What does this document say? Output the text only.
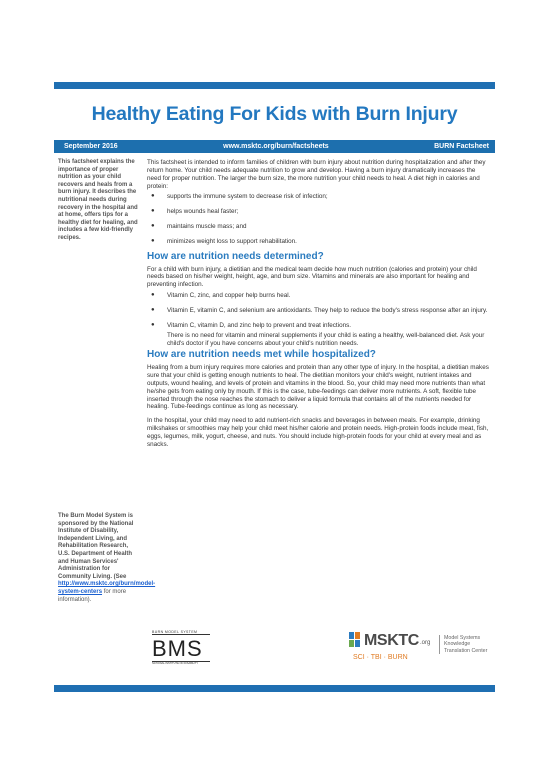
Healthy Eating For Kids with Burn Injury
September 2016	www.msktc.org/burn/factsheets	BURN Factsheet
This factsheet explains the importance of proper nutrition as your child recovers and heals from a burn injury. It describes the nutritional needs during recovery in the hospital and at home, offers tips for a healthy diet for healing, and includes a few kid-friendly recipes.
The Burn Model System is sponsored by the National Institute of Disability, Independent Living, and Rehabilitation Research, U.S. Department of Health and Human Services' Administration for Community Living. (See http://www.msktc.org/burn/model-system-centers for more information).

This factsheet is intended to inform families of children with burn injury about nutrition during hospitalization and after they return home. Your child needs adequate nutrition to grow and develop. Having a burn injury dramatically increases the need for proper nutrition. The larger the burn size, the more nutrition your child needs to heal. A diet high in calories and protein:

● supports the immune system to decrease risk of infection;
● helps wounds heal faster;
● maintains muscle mass; and
● minimizes weight loss to support rehabilitation.
How are nutrition needs determined?

For a child with burn injury, a dietitian and the medical team decide how much nutrition (calories and protein) your child needs based on his/her weight, height, age, and burn size. Vitamins and minerals are also important for healing and preventing infection.

● Vitamin C, zinc, and copper help burns heal.
● Vitamin E, vitamin C, and selenium are antioxidants. They help to reduce the body's stress response after an injury.
● Vitamin C, vitamin D, and zinc help to prevent and treat infections.

There is no need for vitamin and mineral supplements if your child is eating a healthy, well-balanced diet. Ask your child's doctor if you have concerns about your child's nutrition needs.

How are nutrition needs met while hospitalized?

Healing from a burn injury requires more calories and protein than any other type of injury. In the hospital, a dietitian makes sure that your child is getting enough nutrients to heal. The dietitian monitors your child's weight, nutrient intakes and outputs, wound healing, and levels of protein and vitamins in the blood. So, your child may need more nutrients than what he/she gets from eating only by mouth. If this is the case, tube-feedings can deliver more nutrients. A soft, flexible tube inserted through the nose reaches the stomach to deliver a liquid formula that contains all of the nutrients needed for healing. Tube-feedings continue as long as necessary.

In the hospital, your child may need to add nutrient-rich snacks and beverages in between meals. For example, drinking milkshakes or smoothies may help your child meet his/her calorie and protein needs. High-protein foods include meat, fish, eggs, legumes, milk, yogurt, cheese, and nuts. You should include high-protein foods for your child at every meal and as snacks.

BURN MODEL SYSTEM
BMS
NATIONAL INSTITUTE ON DISABILITY
MSKTC .org
SCI · TBI · BURN
Model Systems Knowledge Translation Center
